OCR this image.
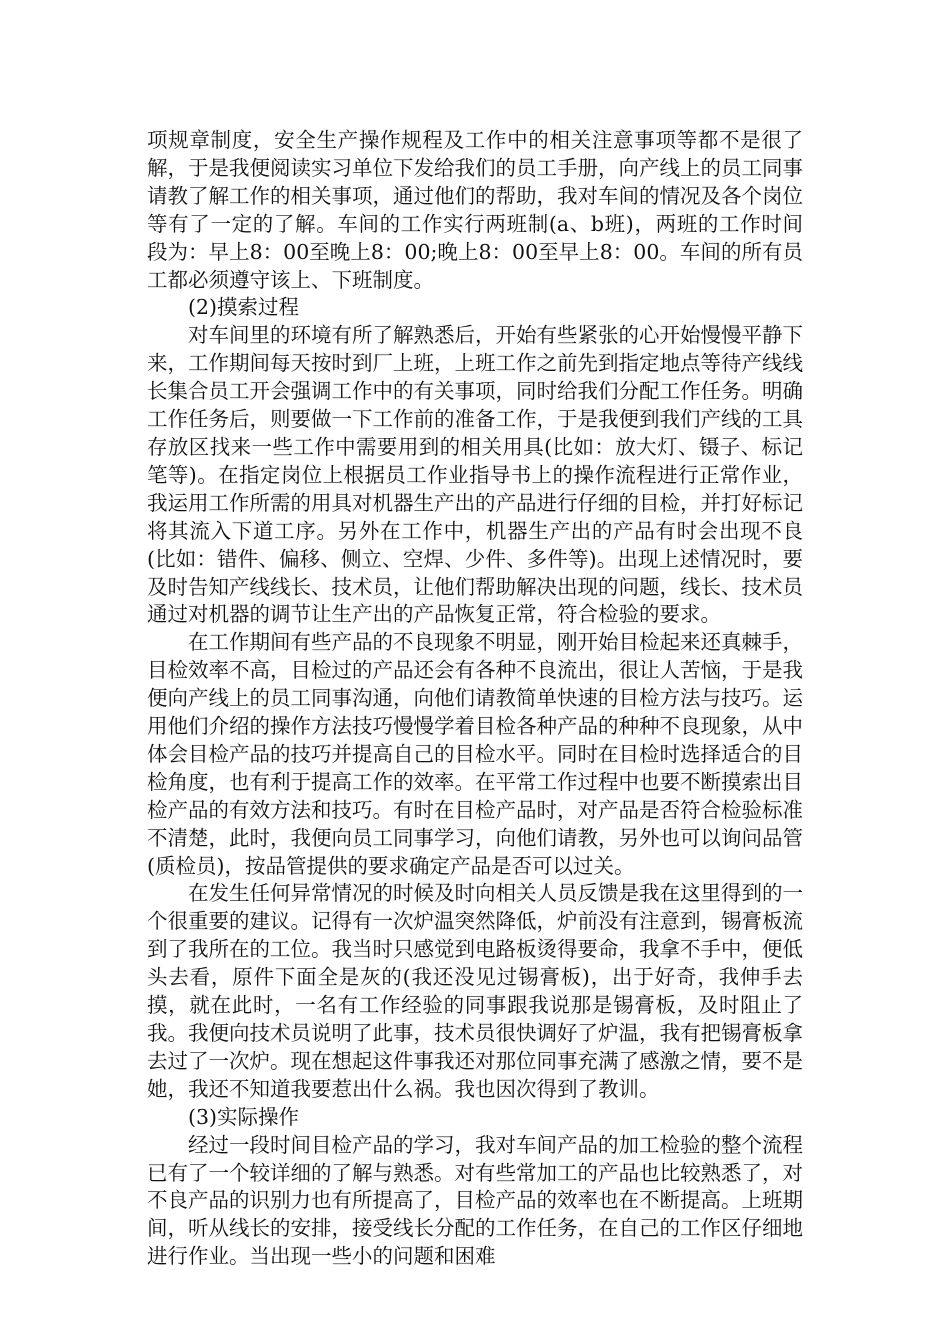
项规章制度，安全生产操作规程及工作中的相关注意事项等都不是很了解，于是我便阅读实习单位下发给我们的员工手册，向产线上的员工同事请教了解工作的相关事项，通过他们的帮助，我对车间的情况及各个岗位等有了一定的了解。车间的工作实行两班制(a、b班)，两班的工作时间段为：早上8：00至晚上8：00;晚上8：00至早上8：00。车间的所有员工都必须遵守该上、下班制度。

(2)摸索过程

对车间里的环境有所了解熟悉后，开始有些紧张的心开始慢慢平静下来，工作期间每天按时到厂上班，上班工作之前先到指定地点等待产线线长集合员工开会强调工作中的有关事项，同时给我们分配工作任务。明确工作任务后，则要做一下工作前的准备工作，于是我便到我们产线的工具存放区找来一些工作中需要用到的相关用具(比如：放大灯、镊子、标记笔等)。在指定岗位上根据员工作业指导书上的操作流程进行正常作业，我运用工作所需的用具对机器生产出的产品进行仔细的目检，并打好标记将其流入下道工序。另外在工作中，机器生产出的产品有时会出现不良(比如：错件、偏移、侧立、空焊、少件、多件等)。出现上述情况时，要及时告知产线线长、技术员，让他们帮助解决出现的问题，线长、技术员通过对机器的调节让生产出的产品恢复正常，符合检验的要求。

在工作期间有些产品的不良现象不明显，刚开始目检起来还真棘手，目检效率不高，目检过的产品还会有各种不良流出，很让人苦恼，于是我便向产线上的员工同事沟通，向他们请教简单快速的目检方法与技巧。运用他们介绍的操作方法技巧慢慢学着目检各种产品的种种不良现象，从中体会目检产品的技巧并提高自己的目检水平。同时在目检时选择适合的目检角度，也有利于提高工作的效率。在平常工作过程中也要不断摸索出目检产品的有效方法和技巧。有时在目检产品时，对产品是否符合检验标准不清楚，此时，我便向员工同事学习，向他们请教，另外也可以询问品管(质检员)，按品管提供的要求确定产品是否可以过关。

在发生任何异常情况的时候及时向相关人员反馈是我在这里得到的一个很重要的建议。记得有一次炉温突然降低，炉前没有注意到，锡膏板流到了我所在的工位。我当时只感觉到电路板烫得要命，我拿不手中，便低头去看，原件下面全是灰的(我还没见过锡膏板)，出于好奇，我伸手去摸，就在此时，一名有工作经验的同事跟我说那是锡膏板，及时阻止了我。我便向技术员说明了此事，技术员很快调好了炉温，我有把锡膏板拿去过了一次炉。现在想起这件事我还对那位同事充满了感激之情，要不是她，我还不知道我要惹出什么祸。我也因次得到了教训。

(3)实际操作

经过一段时间目检产品的学习，我对车间产品的加工检验的整个流程已有了一个较详细的了解与熟悉。对有些常加工的产品也比较熟悉了，对不良产品的识别力也有所提高了，目检产品的效率也在不断提高。上班期间，听从线长的安排，接受线长分配的工作任务，在自己的工作区仔细地进行作业。当出现一些小的问题和困难
